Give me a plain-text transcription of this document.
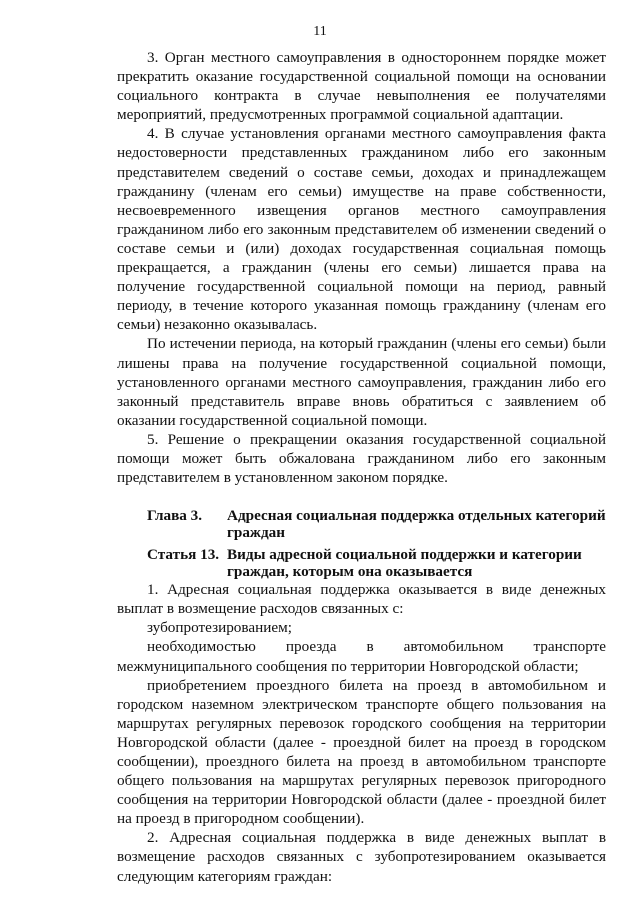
11

3. Орган местного самоуправления в одностороннем порядке может прекратить оказание государственной социальной помощи на основании социального контракта в случае невыполнения ее получателями мероприятий, предусмотренных программой социальной адаптации.

4. В случае установления органами местного самоуправления факта недостоверности представленных гражданином либо его законным представителем сведений о составе семьи, доходах и принадлежащем гражданину (членам его семьи) имуществе на праве собственности, несвоевременного извещения органов местного самоуправления гражданином либо его законным представителем об изменении сведений о составе семьи и (или) доходах государственная социальная помощь прекращается, а гражданин (члены его семьи) лишается права на получение государственной социальной помощи на период, равный периоду, в течение которого указанная помощь гражданину (членам его семьи) незаконно оказывалась.

По истечении периода, на который гражданин (члены его семьи) были лишены права на получение государственной социальной помощи, установленного органами местного самоуправления, гражданин либо его законный представитель вправе вновь обратиться с заявлением об оказании государственной социальной помощи.

5. Решение о прекращении оказания государственной социальной помощи может быть обжалована гражданином либо его законным представителем в установленном законом порядке.

Глава 3.	Адресная социальная поддержка отдельных категорий граждан
Статья 13. Виды адресной социальной поддержки и категории граждан, которым она оказывается

1. Адресная социальная поддержка оказывается в виде денежных выплат в возмещение расходов связанных с:

зубопротезированием;

необходимостью проезда в автомобильном транспорте межмуниципального сообщения по территории Новгородской области;

приобретением проездного билета на проезд в автомобильном и городском наземном электрическом транспорте общего пользования на маршрутах регулярных перевозок городского сообщения на территории Новгородской области (далее - проездной билет на проезд в городском сообщении), проездного билета на проезд в автомобильном транспорте общего пользования на маршрутах регулярных перевозок пригородного сообщения на территории Новгородской области (далее - проездной билет на проезд в пригородном сообщении).

2. Адресная социальная поддержка в виде денежных выплат в возмещение расходов связанных с зубопротезированием оказывается следующим категориям граждан:
